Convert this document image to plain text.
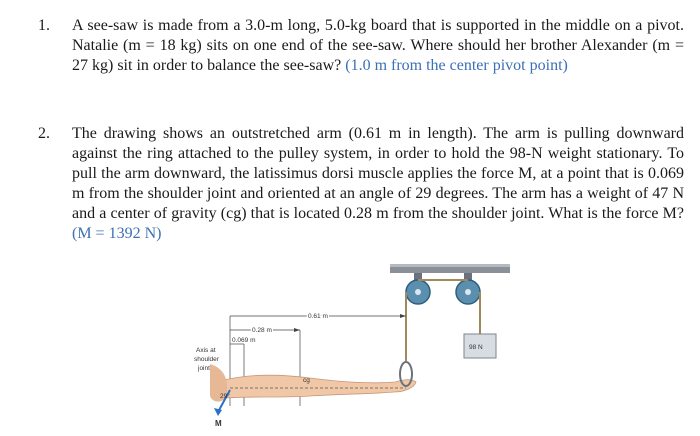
1. A see-saw is made from a 3.0-m long, 5.0-kg board that is supported in the middle on a pivot. Natalie (m = 18 kg) sits on one end of the see-saw. Where should her brother Alexander (m = 27 kg) sit in order to balance the see-saw? (1.0 m from the center pivot point)
2. The drawing shows an outstretched arm (0.61 m in length). The arm is pulling downward against the ring attached to the pulley system, in order to hold the 98-N weight stationary. To pull the arm downward, the latissimus dorsi muscle applies the force M, at a point that is 0.069 m from the shoulder joint and oriented at an angle of 29 degrees. The arm has a weight of 47 N and a center of gravity (cg) that is located 0.28 m from the shoulder joint. What is the force M? (M = 1392 N)
98 N
0.61 m
0.28 m
0.069 m
Axis at
shoulder
joint
cg
29°
M
